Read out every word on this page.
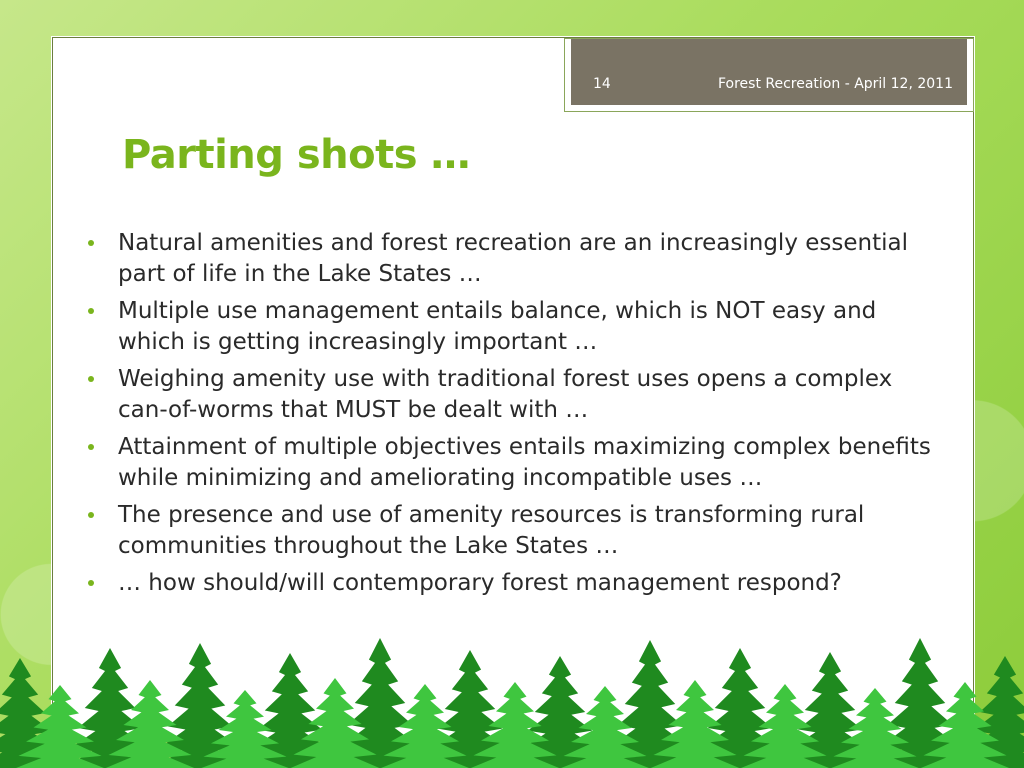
14	Forest Recreation - April 12, 2011
Parting shots …
Natural amenities and forest recreation are an increasingly essential part of life in the Lake States …
Multiple use management entails balance, which is NOT easy and which is getting increasingly important …
Weighing amenity use with traditional forest uses opens a complex can-of-worms that MUST be dealt with …
Attainment of multiple objectives entails maximizing complex benefits while minimizing and ameliorating incompatible uses …
The presence and use of amenity resources is transforming rural communities throughout the Lake States …
… how should/will contemporary forest management respond?
